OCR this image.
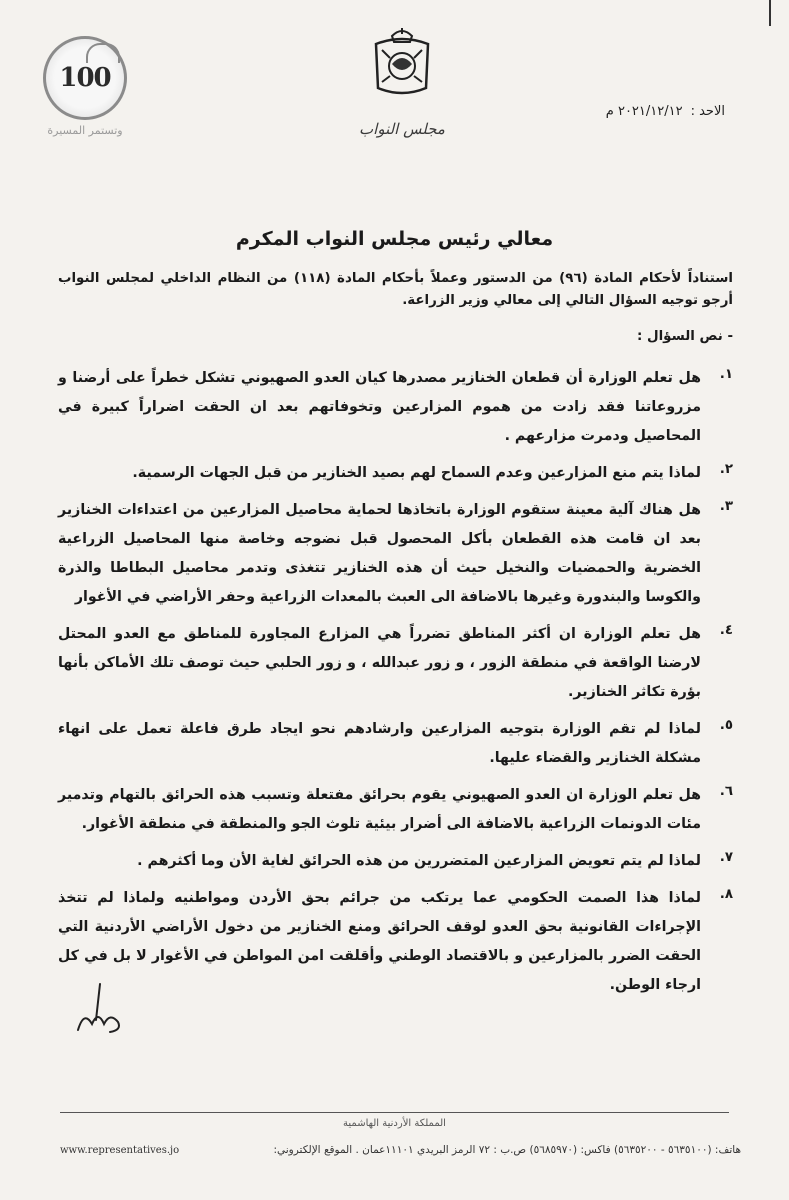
100
وتستمر المسيرة	مجلس النواب
الاحد :٢٠٢١/١٢/١٢ م
معالي رئيس مجلس النواب المكرم

استناداً لأحكام المادة (٩٦) من الدستور وعملاً بأحكام المادة (١١٨) من النظام الداخلي لمجلس النواب أرجو توجيه السؤال التالي إلى معالي وزير الزراعة.

- نص السؤال :

١.
هل تعلم الوزارة أن قطعان الخنازير مصدرها كيان العدو الصهيوني تشكل خطراً على أرضنا و مزروعاتنا فقد زادت من هموم المزارعين وتخوفاتهم بعد ان الحقت اضراراً كبيرة في المحاصيل ودمرت مزارعهم .
٢.
لماذا يتم منع المزارعين وعدم السماح لهم بصيد الخنازير من قبل الجهات الرسمية.
٣.
هل هناك آلية معينة ستقوم الوزارة باتخاذها لحماية محاصيل المزارعين من اعتداءات الخنازير بعد ان قامت هذه القطعان بأكل المحصول قبل نضوجه وخاصة منها المحاصيل الزراعية الخضرية والحمضيات والنخيل حيث أن هذه الخنازير تتغذى وتدمر محاصيل البطاطا والذرة والكوسا والبندورة وغيرها بالاضافة الى العبث بالمعدات الزراعية وحفر الأراضي في الأغوار
٤.
هل تعلم الوزارة ان أكثر المناطق تضرراً هي المزارع المجاورة للمناطق مع العدو المحتل لارضنا الواقعة في منطقة الزور ، و زور عبدالله ، و زور الحلبي حيث توصف تلك الأماكن بأنها بؤرة تكاثر الخنازير.
٥.
لماذا لم تقم الوزارة بتوجيه المزارعين وارشادهم نحو ايجاد طرق فاعلة تعمل على انهاء مشكلة الخنازير والقضاء عليها.
٦.
هل تعلم الوزارة ان العدو الصهيوني يقوم بحرائق مفتعلة وتسبب هذه الحرائق بالتهام وتدمير مئات الدونمات الزراعية بالاضافة الى أضرار بيئية تلوث الجو والمنطقة في منطقة الأغوار.
٧.
لماذا لم يتم تعويض المزارعين المتضررين من هذه الحرائق لغاية الأن وما أكثرهم .
٨.
لماذا هذا الصمت الحكومي عما يرتكب من جرائم بحق الأردن ومواطنيه ولماذا لم تتخذ الإجراءات القانونية بحق العدو لوقف الحرائق ومنع الخنازير من دخول الأراضي الأردنية التي الحقت الضرر بالمزارعين و بالاقتصاد الوطني وأقلقت امن المواطن في الأغوار لا بل في كل ارجاء الوطن.
المملكة الأردنية الهاشمية
www.representatives.jo	هاتف: (٥٦٣٥١٠٠ - ٥٦٣٥٢٠٠) فاكس: (٥٦٨٥٩٧٠) ص.ب : ٧٢ الرمز البريدي ١١١٠١عمان . الموقع الإلكتروني:
